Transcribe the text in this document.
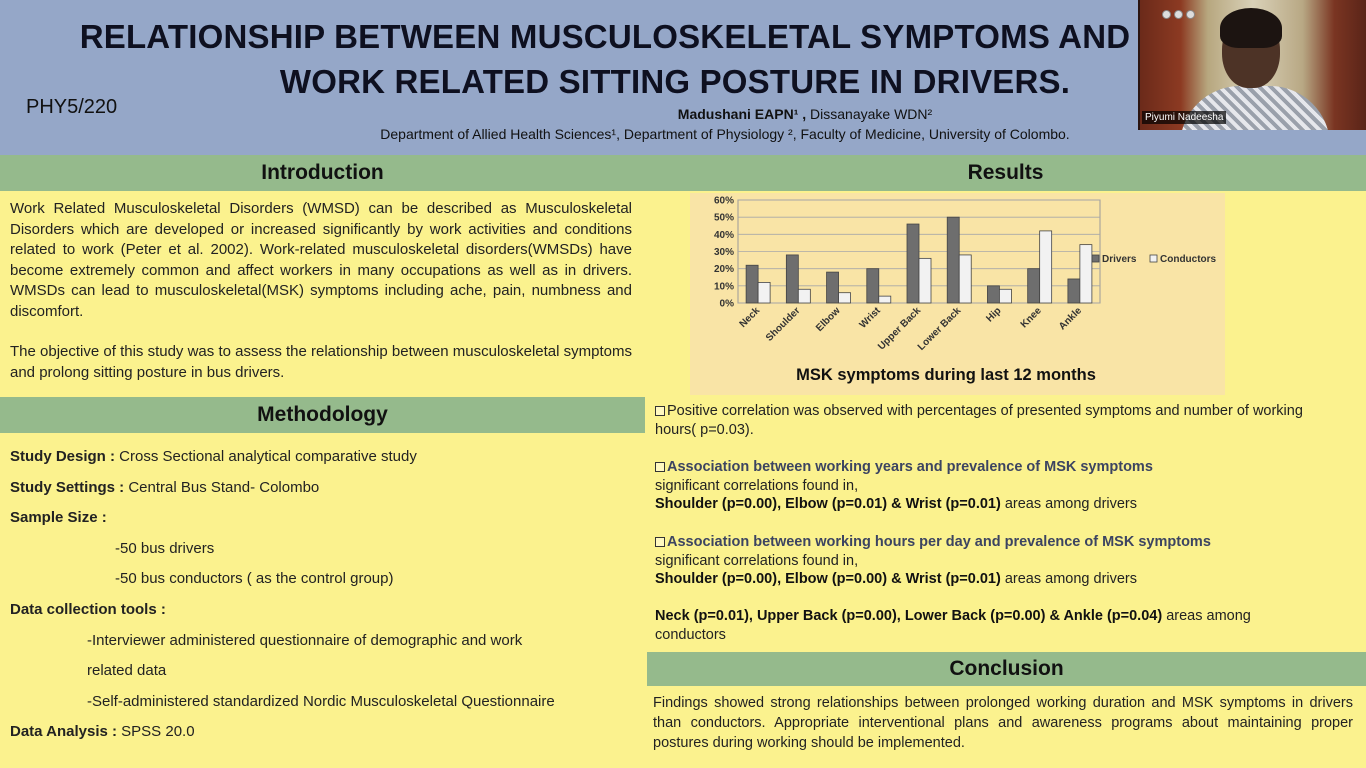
RELATIONSHIP BETWEEN MUSCULOSKELETAL SYMPTOMS AND
WORK RELATED SITTING POSTURE IN DRIVERS.
PHY5/220	Madushani EAPN¹ , Dissanayake WDN²
Department of Allied Health Sciences¹, Department of Physiology ², Faculty of Medicine, University of Colombo.
Piyumi Nadeesha
Introduction
Work Related Musculoskeletal Disorders (WMSD) can be described as Musculoskeletal Disorders which are developed or increased significantly by work activities and conditions related to work (Peter et al. 2002). Work-related musculoskeletal disorders(WMSDs) have become extremely common and affect workers in many occupations as well as in drivers. WMSDs can lead to musculoskeletal(MSK) symptoms including ache, pain, numbness and discomfort.
The objective of this study was to assess the relationship between musculoskeletal symptoms and prolong sitting posture in bus drivers.
Methodology
Study Design : Cross Sectional analytical comparative study
Study Settings : Central Bus Stand- Colombo
Sample Size :
-50 bus drivers
-50 bus conductors ( as the control group)
Data collection tools :
-Interviewer administered questionnaire of demographic and work
related data
-Self-administered standardized Nordic Musculoskeletal Questionnaire
Data Analysis : SPSS 20.0
Results
0%
10%
20%
30%
40%
50%
60%
Neck Shoulder Elbow Wrist
Upper Back
Lower Back Hip Knee Ankle
Drivers Conductors
MSK symptoms during last 12 months
Positive correlation was observed with percentages of presented symptoms and number of working hours( p=0.03).
Association between working years and prevalence of MSK symptoms
significant correlations found in,
Shoulder (p=0.00), Elbow (p=0.01) & Wrist (p=0.01) areas among drivers
Association between working hours per day and prevalence of MSK symptoms
significant correlations found in,
Shoulder (p=0.00), Elbow (p=0.00) & Wrist (p=0.01) areas among drivers
Neck (p=0.01), Upper Back (p=0.00), Lower Back (p=0.00) & Ankle (p=0.04) areas among conductors
Conclusion
Findings showed strong relationships between prolonged working duration and MSK symptoms in drivers than conductors. Appropriate interventional plans and awareness programs about maintaining proper postures during working should be implemented.
